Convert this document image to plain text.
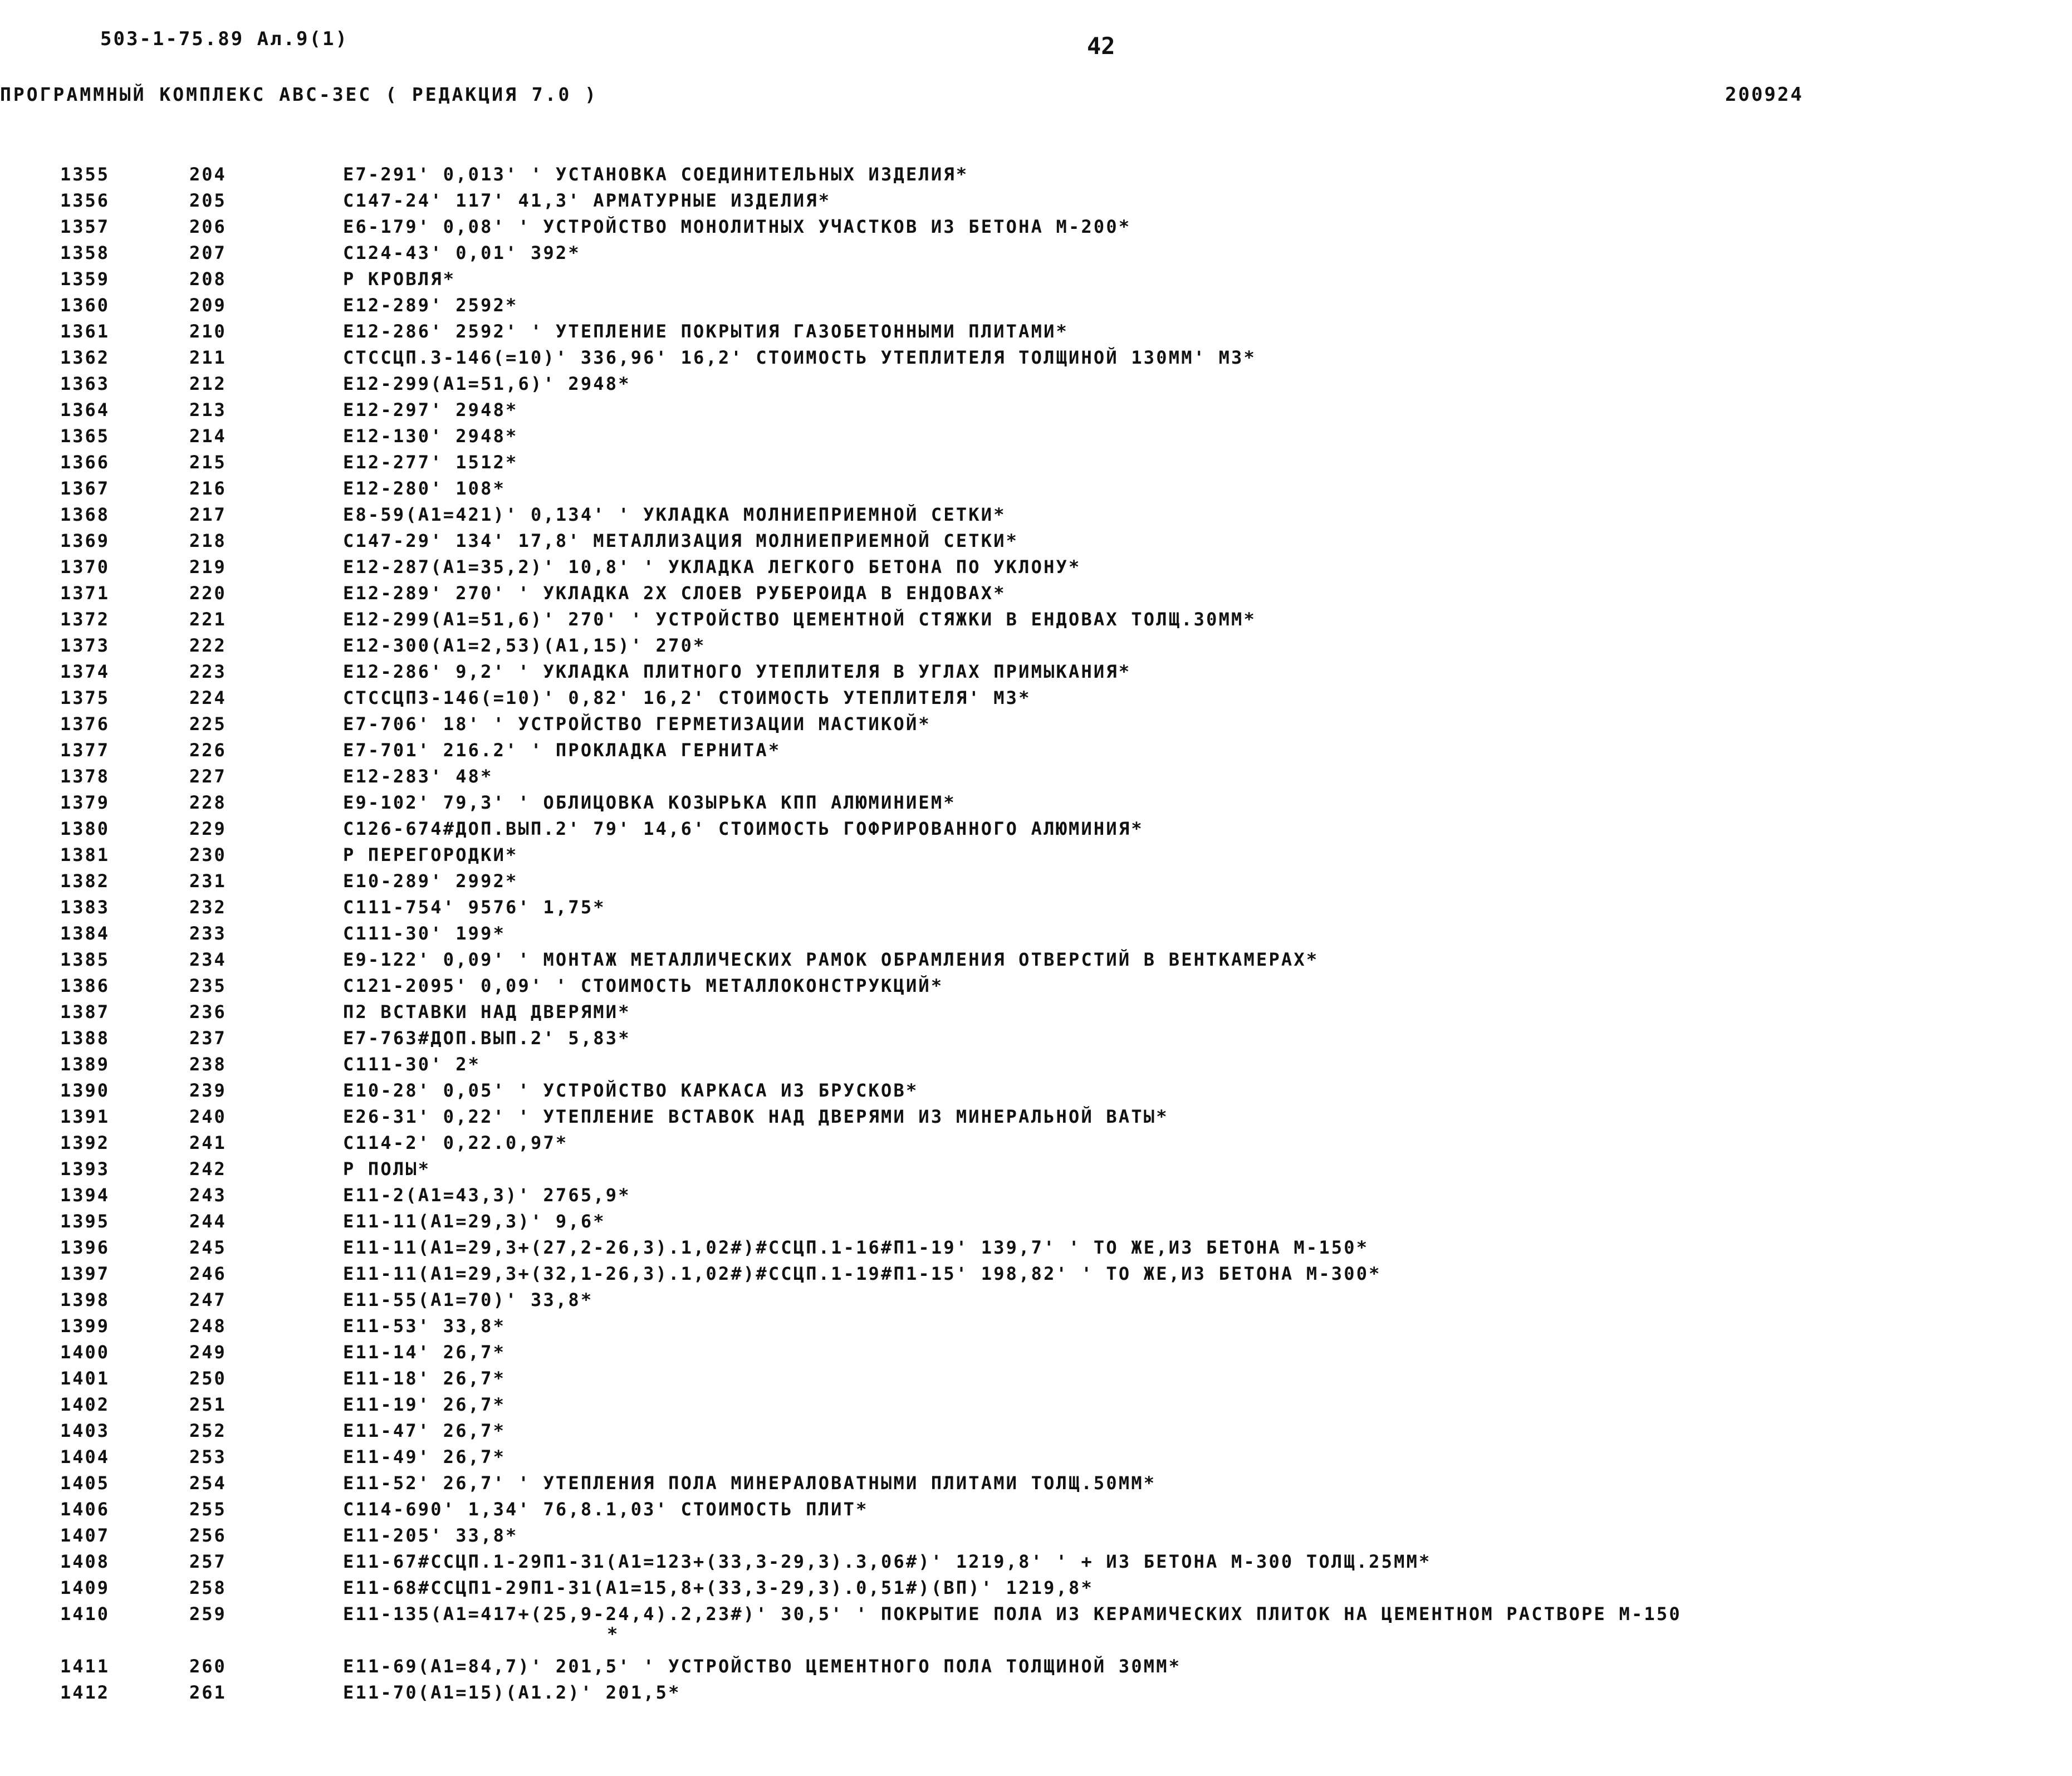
503-1-75.89 Ал.9(1)	42
ПРОГРАММНЫЙ КОМПЛЕКС АВС-ЗЕС ( РЕДАКЦИЯ 7.0 )	200924
1355	204	Е7-291' 0,013' ' УСТАНОВКА СОЕДИНИТЕЛЬНЫХ ИЗДЕЛИЯ*
1356	205	С147-24' 117' 41,3' АРМАТУРНЫЕ ИЗДЕЛИЯ*
1357	206	Е6-179' 0,08' ' УСТРОЙСТВО МОНОЛИТНЫХ УЧАСТКОВ ИЗ БЕТОНА М-200*
1358	207	С124-43' 0,01' 392*
1359	208	Р КРОВЛЯ*
1360	209	Е12-289' 2592*
1361	210	Е12-286' 2592' ' УТЕПЛЕНИЕ ПОКРЫТИЯ ГАЗОБЕТОННЫМИ ПЛИТАМИ*
1362	211	СТССЦП.3-146(=10)' 336,96' 16,2' СТОИМОСТЬ УТЕПЛИТЕЛЯ ТОЛЩИНОЙ 130ММ' М3*
1363	212	Е12-299(А1=51,6)' 2948*
1364	213	Е12-297' 2948*
1365	214	Е12-130' 2948*
1366	215	Е12-277' 1512*
1367	216	Е12-280' 108*
1368	217	Е8-59(А1=421)' 0,134' ' УКЛАДКА МОЛНИЕПРИЕМНОЙ СЕТКИ*
1369	218	С147-29' 134' 17,8' МЕТАЛЛИЗАЦИЯ МОЛНИЕПРИЕМНОЙ СЕТКИ*
1370	219	Е12-287(А1=35,2)' 10,8' ' УКЛАДКА ЛЕГКОГО БЕТОНА ПО УКЛОНУ*
1371	220	Е12-289' 270' ' УКЛАДКА 2Х СЛОЕВ РУБЕРОИДА В ЕНДОВАХ*
1372	221	Е12-299(А1=51,6)' 270' ' УСТРОЙСТВО ЦЕМЕНТНОЙ СТЯЖКИ В ЕНДОВАХ ТОЛЩ.30ММ*
1373	222	Е12-300(А1=2,53)(А1,15)' 270*
1374	223	Е12-286' 9,2' ' УКЛАДКА ПЛИТНОГО УТЕПЛИТЕЛЯ В УГЛАХ ПРИМЫКАНИЯ*
1375	224	СТССЦП3-146(=10)' 0,82' 16,2' СТОИМОСТЬ УТЕПЛИТЕЛЯ' М3*
1376	225	Е7-706' 18' ' УСТРОЙСТВО ГЕРМЕТИЗАЦИИ МАСТИКОЙ*
1377	226	Е7-701' 216.2' ' ПРОКЛАДКА ГЕРНИТА*
1378	227	Е12-283' 48*
1379	228	Е9-102' 79,3' ' ОБЛИЦОВКА КОЗЫРЬКА КПП АЛЮМИНИЕМ*
1380	229	С126-674#ДОП.ВЫП.2' 79' 14,6' СТОИМОСТЬ ГОФРИРОВАННОГО АЛЮМИНИЯ*
1381	230	Р ПЕРЕГОРОДКИ*
1382	231	Е10-289' 2992*
1383	232	С111-754' 9576' 1,75*
1384	233	С111-30' 199*
1385	234	Е9-122' 0,09' ' МОНТАЖ МЕТАЛЛИЧЕСКИХ РАМОК ОБРАМЛЕНИЯ ОТВЕРСТИЙ В ВЕНТКАМЕРАХ*
1386	235	С121-2095' 0,09' ' СТОИМОСТЬ МЕТАЛЛОКОНСТРУКЦИЙ*
1387	236	П2 ВСТАВКИ НАД ДВЕРЯМИ*
1388	237	Е7-763#ДОП.ВЫП.2' 5,83*
1389	238	С111-30' 2*
1390	239	Е10-28' 0,05' ' УСТРОЙСТВО КАРКАСА ИЗ БРУСКОВ*
1391	240	Е26-31' 0,22' ' УТЕПЛЕНИЕ ВСТАВОК НАД ДВЕРЯМИ ИЗ МИНЕРАЛЬНОЙ ВАТЫ*
1392	241	С114-2' 0,22.0,97*
1393	242	Р ПОЛЫ*
1394	243	Е11-2(А1=43,3)' 2765,9*
1395	244	Е11-11(А1=29,3)' 9,6*
1396	245	Е11-11(А1=29,3+(27,2-26,3).1,02#)#ССЦП.1-16#П1-19' 139,7' ' ТО ЖЕ,ИЗ БЕТОНА М-150*
1397	246	Е11-11(А1=29,3+(32,1-26,3).1,02#)#ССЦП.1-19#П1-15' 198,82' ' ТО ЖЕ,ИЗ БЕТОНА М-300*
1398	247	Е11-55(А1=70)' 33,8*
1399	248	Е11-53' 33,8*
1400	249	Е11-14' 26,7*
1401	250	Е11-18' 26,7*
1402	251	Е11-19' 26,7*
1403	252	Е11-47' 26,7*
1404	253	Е11-49' 26,7*
1405	254	Е11-52' 26,7' ' УТЕПЛЕНИЯ ПОЛА МИНЕРАЛОВАТНЫМИ ПЛИТАМИ ТОЛЩ.50ММ*
1406	255	С114-690' 1,34' 76,8.1,03' СТОИМОСТЬ ПЛИТ*
1407	256	Е11-205' 33,8*
1408	257	Е11-67#ССЦП.1-29П1-31(А1=123+(33,3-29,3).3,06#)' 1219,8' ' + ИЗ БЕТОНА М-300 ТОЛЩ.25ММ*
1409	258	Е11-68#ССЦП1-29П1-31(А1=15,8+(33,3-29,3).0,51#)(ВП)' 1219,8*
1410	259	Е11-135(А1=417+(25,9-24,4).2,23#)' 30,5' ' ПОКРЫТИЕ ПОЛА ИЗ КЕРАМИЧЕСКИХ ПЛИТОК НА ЦЕМЕНТНОМ РАСТВОРЕ М-150
1411	260	Е11-69(А1=84,7)' 201,5' ' УСТРОЙСТВО ЦЕМЕНТНОГО ПОЛА ТОЛЩИНОЙ 30ММ*
1412	261	Е11-70(А1=15)(А1.2)' 201,5*
*
